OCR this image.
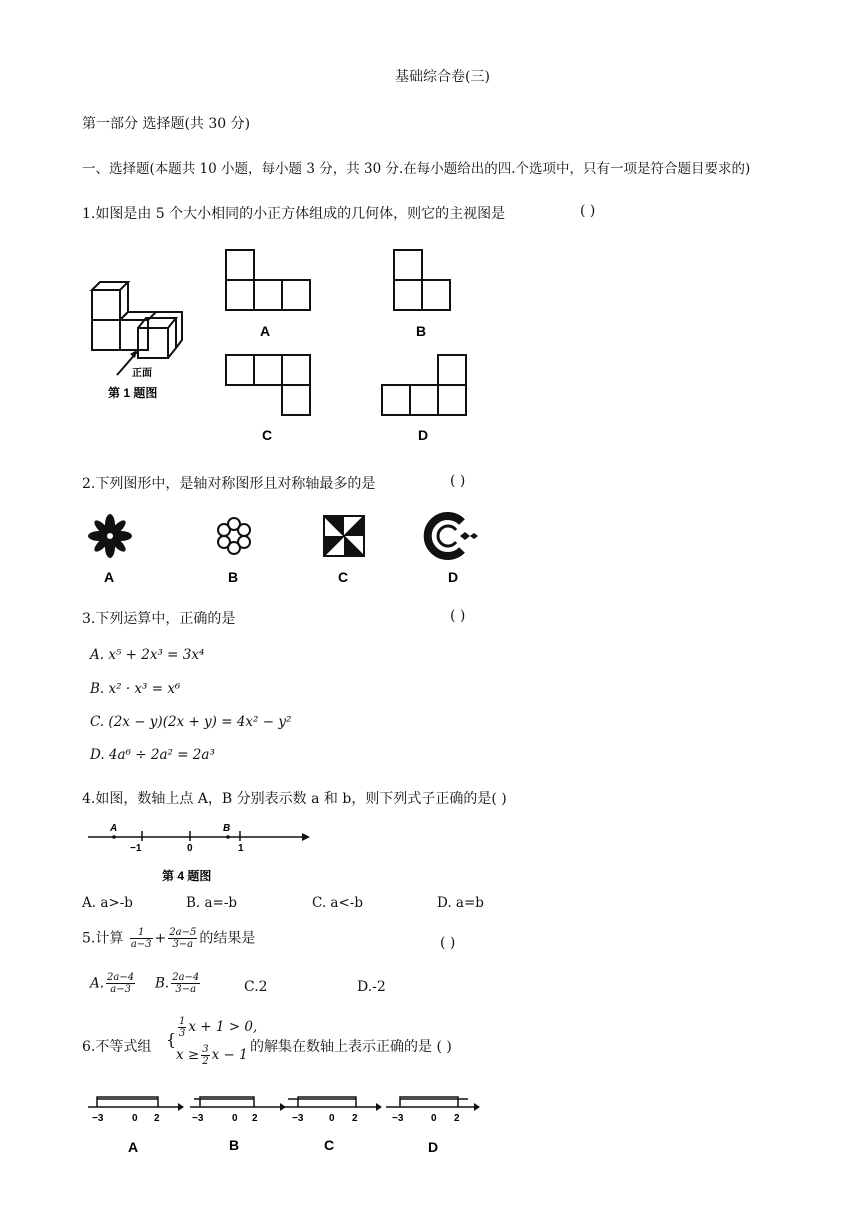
基础综合卷(三)
第一部分 选择题(共 30 分)
一、选择题(本题共 10 小题，每小题 3 分，共 30 分.在每小题给出的四.个选项中，只有一项是符合题目要求的)
1.如图是由 5 个大小相同的小正方体组成的几何体，则它的主视图是	( )
正面
第 1 题图
A	B
C	D
2.下列图形中，是轴对称图形且对称轴最多的是	( )
A	B	C	D
3.下列运算中，正确的是	( )
A. x⁵ + 2x³ = 3x⁴
B. x² · x³ = x⁶
C. (2x − y)(2x + y) = 4x² − y²
D. 4a⁶ ÷ 2a² = 2a³
4.如图，数轴上点 A，B 分别表示数 a 和 b，则下列式子正确的是( )
A	B
−1	0	1
第 4 题图
A. a>-b	B. a=-b	C. a<-b	D. a=b
5.计算 $\frac{1}{a-3} + \frac{2a-5}{3-a}$ 的结果是	( )
A. $\frac{2a-4}{a-3} B$. $\frac{2a-4}{3-a}$	C.2	D.-2
6.不等式组 {
$\frac{1}{3}$ x + 1 > 0,
$x \ge \frac{3}{2}$ x − 1 的解集在数轴上表示正确的是 ( )
−3	0 2
A
−3	0 2
B
−3	0 2
C
−3	0 2
D
